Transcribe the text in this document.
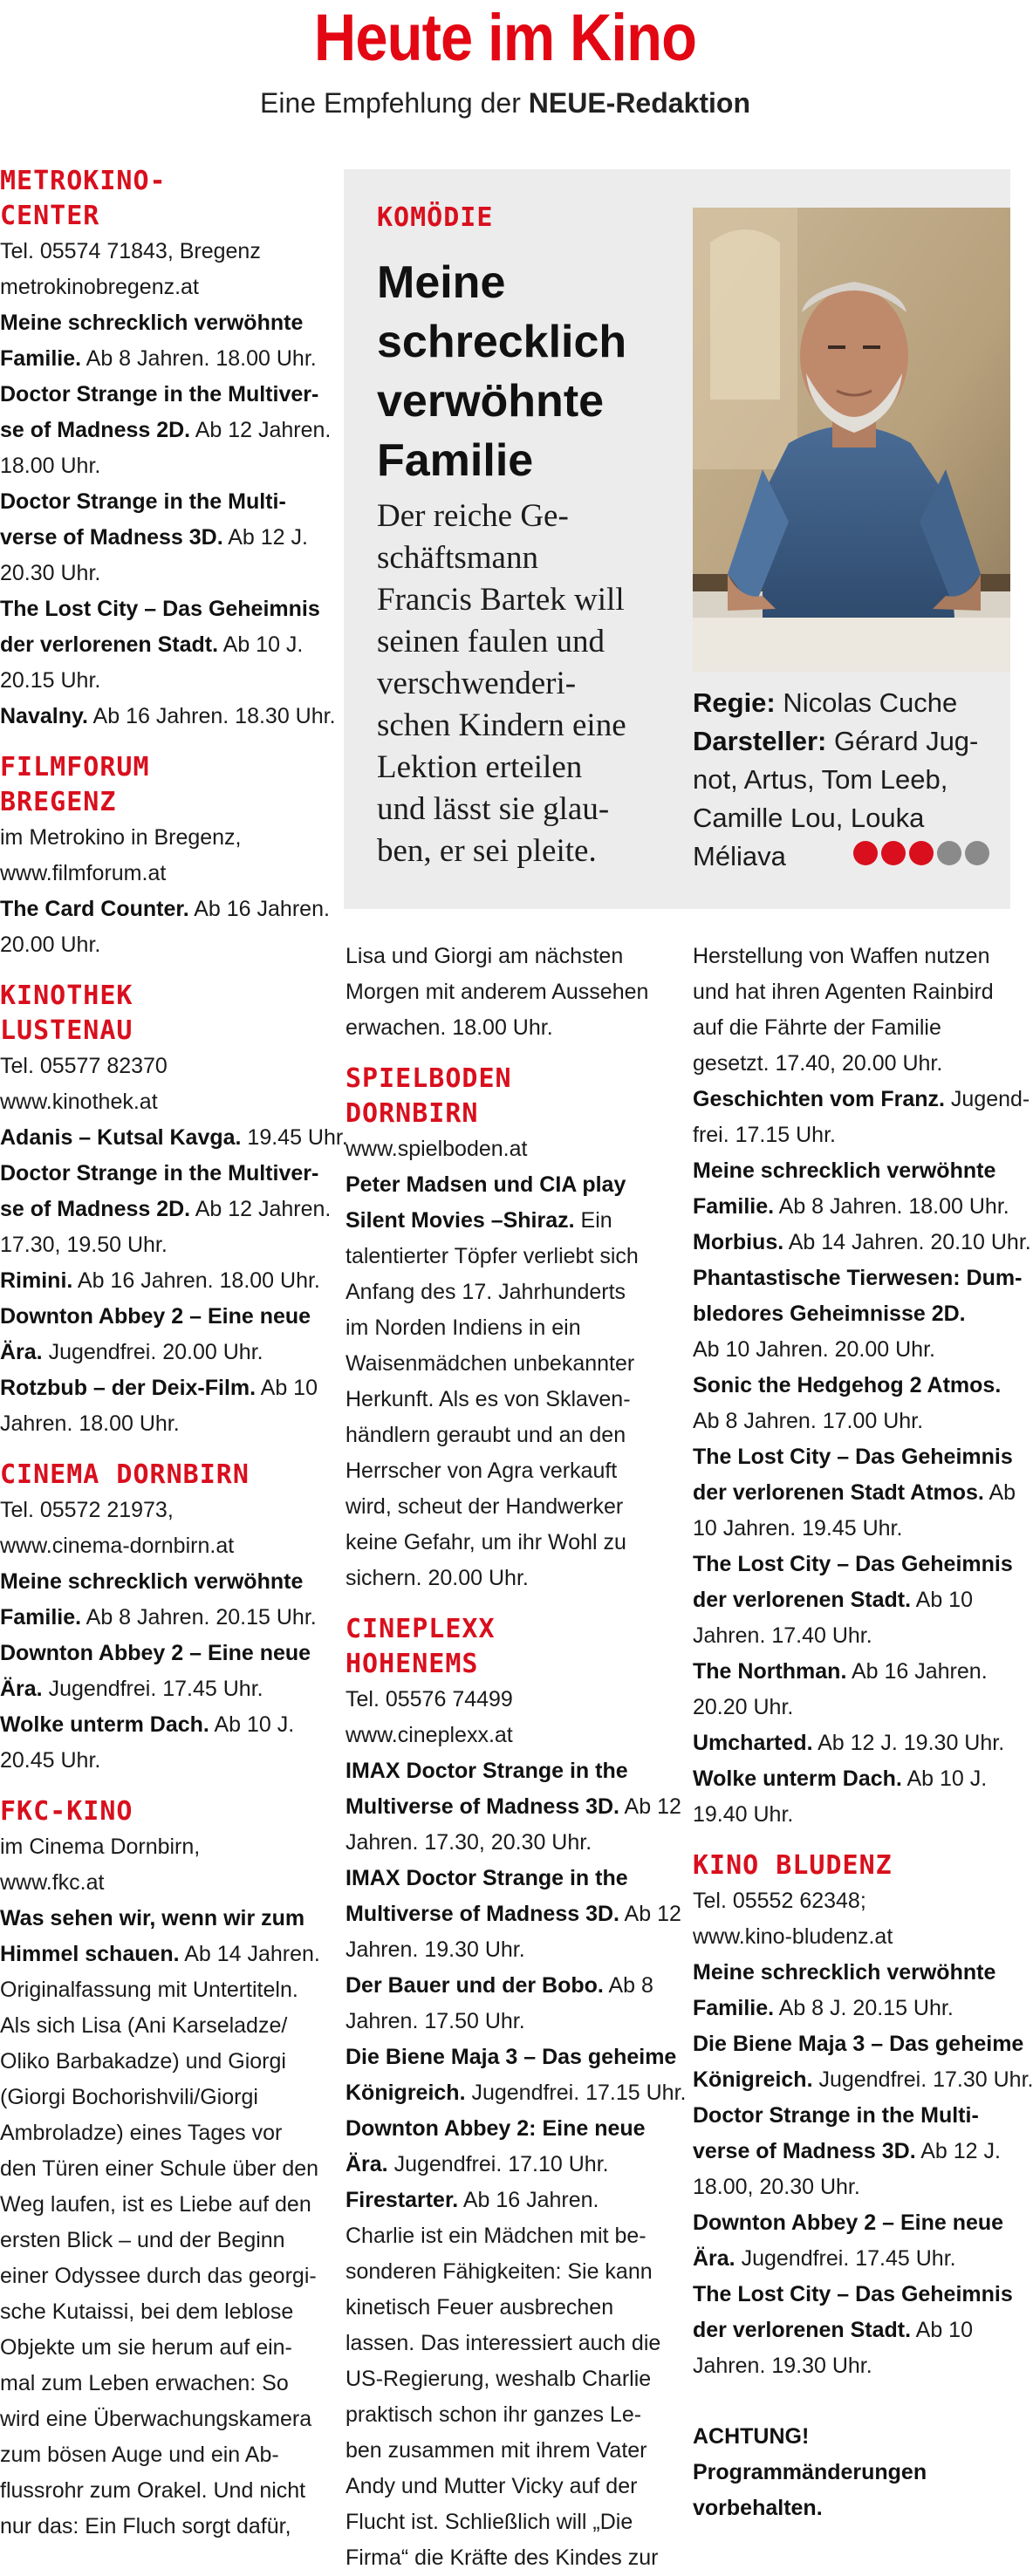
Heute im Kino
Eine Empfehlung der NEUE-Redaktion
KOMÖDIE
Meine
schrecklich
verwöhnte
Familie
Der reiche Ge-
schäftsmann
Francis Bartek will
seinen faulen und
verschwenderi-
schen Kindern eine
Lektion erteilen
und lässt sie glau-
ben, er sei pleite.
Regie: Nicolas Cuche
Darsteller: Gérard Jug-
not, Artus, Tom Leeb,
Camille Lou, Louka
Méliava
METROKINO-
CENTER
Tel. 05574 71843, Bregenz
metrokinobregenz.at
Meine schrecklich verwöhnte
Familie. Ab 8 Jahren. 18.00 Uhr.
Doctor Strange in the Multiver-
se of Madness 2D. Ab 12 Jahren.
18.00 Uhr.
Doctor Strange in the Multi-
verse of Madness 3D. Ab 12 J.
20.30 Uhr.
The Lost City – Das Geheimnis
der verlorenen Stadt. Ab 10 J.
20.15 Uhr.
Navalny. Ab 16 Jahren. 18.30 Uhr.
FILMFORUM
BREGENZ
im Metrokino in Bregenz,
www.filmforum.at
The Card Counter. Ab 16 Jahren.
20.00 Uhr.
KINOTHEK
LUSTENAU
Tel. 05577 82370
www.kinothek.at
Adanis – Kutsal Kavga. 19.45 Uhr.
Doctor Strange in the Multiver-
se of Madness 2D. Ab 12 Jahren.
17.30, 19.50 Uhr.
Rimini. Ab 16 Jahren. 18.00 Uhr.
Downton Abbey 2 – Eine neue
Ära. Jugendfrei. 20.00 Uhr.
Rotzbub – der Deix-Film. Ab 10
Jahren. 18.00 Uhr.
CINEMA DORNBIRN
Tel. 05572 21973,
www.cinema-dornbirn.at
Meine schrecklich verwöhnte
Familie. Ab 8 Jahren. 20.15 Uhr.
Downton Abbey 2 – Eine neue
Ära. Jugendfrei. 17.45 Uhr.
Wolke unterm Dach. Ab 10 J.
20.45 Uhr.
FKC-KINO
im Cinema Dornbirn,
www.fkc.at
Was sehen wir, wenn wir zum
Himmel schauen. Ab 14 Jahren.
Originalfassung mit Untertiteln.
Als sich Lisa (Ani Karseladze/
Oliko Barbakadze) und Giorgi
(Giorgi Bochorishvili/Giorgi
Ambroladze) eines Tages vor
den Türen einer Schule über den
Weg laufen, ist es Liebe auf den
ersten Blick – und der Beginn
einer Odyssee durch das georgi-
sche Kutaissi, bei dem leblose
Objekte um sie herum auf ein-
mal zum Leben erwachen: So
wird eine Überwachungskamera
zum bösen Auge und ein Ab-
flussrohr zum Orakel. Und nicht
nur das: Ein Fluch sorgt dafür,
Lisa und Giorgi am nächsten
Morgen mit anderem Aussehen
erwachen. 18.00 Uhr.
SPIELBODEN
DORNBIRN
www.spielboden.at
Peter Madsen und CIA play
Silent Movies –Shiraz. Ein
talentierter Töpfer verliebt sich
Anfang des 17. Jahrhunderts
im Norden Indiens in ein
Waisenmädchen unbekannter
Herkunft. Als es von Sklaven-
händlern geraubt und an den
Herrscher von Agra verkauft
wird, scheut der Handwerker
keine Gefahr, um ihr Wohl zu
sichern. 20.00 Uhr.
CINEPLEXX
HOHENEMS
Tel. 05576 74499
www.cineplexx.at
IMAX Doctor Strange in the
Multiverse of Madness 3D. Ab 12
Jahren. 17.30, 20.30 Uhr.
IMAX Doctor Strange in the
Multiverse of Madness 3D. Ab 12
Jahren. 19.30 Uhr.
Der Bauer und der Bobo. Ab 8
Jahren. 17.50 Uhr.
Die Biene Maja 3 – Das geheime
Königreich. Jugendfrei. 17.15 Uhr.
Downton Abbey 2: Eine neue
Ära. Jugendfrei. 17.10 Uhr.
Firestarter. Ab 16 Jahren.
Charlie ist ein Mädchen mit be-
sonderen Fähigkeiten: Sie kann
kinetisch Feuer ausbrechen
lassen. Das interessiert auch die
US-Regierung, weshalb Charlie
praktisch schon ihr ganzes Le-
ben zusammen mit ihrem Vater
Andy und Mutter Vicky auf der
Flucht ist. Schließlich will „Die
Firma“ die Kräfte des Kindes zur
Herstellung von Waffen nutzen
und hat ihren Agenten Rainbird
auf die Fährte der Familie
gesetzt. 17.40, 20.00 Uhr.
Geschichten vom Franz. Jugend-
frei. 17.15 Uhr.
Meine schrecklich verwöhnte
Familie. Ab 8 Jahren. 18.00 Uhr.
Morbius. Ab 14 Jahren. 20.10 Uhr.
Phantastische Tierwesen: Dum-
bledores Geheimnisse 2D.
Ab 10 Jahren. 20.00 Uhr.
Sonic the Hedgehog 2 Atmos.
Ab 8 Jahren. 17.00 Uhr.
The Lost City – Das Geheimnis
der verlorenen Stadt Atmos. Ab
10 Jahren. 19.45 Uhr.
The Lost City – Das Geheimnis
der verlorenen Stadt. Ab 10
Jahren. 17.40 Uhr.
The Northman. Ab 16 Jahren.
20.20 Uhr.
Umcharted. Ab 12 J. 19.30 Uhr.
Wolke unterm Dach. Ab 10 J.
19.40 Uhr.
KINO BLUDENZ
Tel. 05552 62348;
www.kino-bludenz.at
Meine schrecklich verwöhnte
Familie. Ab 8 J. 20.15 Uhr.
Die Biene Maja 3 – Das geheime
Königreich. Jugendfrei. 17.30 Uhr.
Doctor Strange in the Multi-
verse of Madness 3D. Ab 12 J.
18.00, 20.30 Uhr.
Downton Abbey 2 – Eine neue
Ära. Jugendfrei. 17.45 Uhr.
The Lost City – Das Geheimnis
der verlorenen Stadt. Ab 10
Jahren. 19.30 Uhr.
ACHTUNG!
Programmänderungen
vorbehalten.
